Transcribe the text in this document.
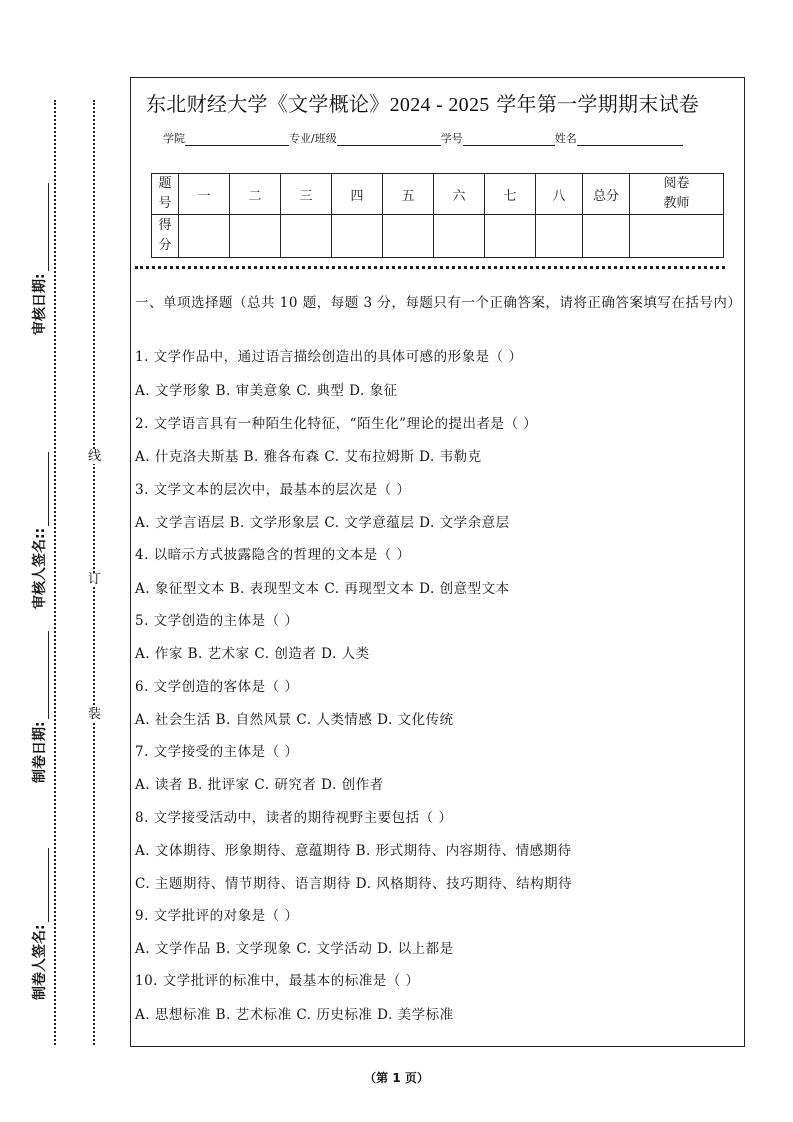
线
订
装
审核日期:
审核人签名::
制卷日期:
制卷人签名:
东北财经大学《文学概论》2024 - 2025 学年第一学期期末试卷
学院	专业/班级	学号	姓名
题号	一	二	三	四	五	六	七	八	总分	阅卷教师
得分										
一、单项选择题（总共 10 题，每题 3 分，每题只有一个正确答案，请将正确答案填写在括号内）
1. 文学作品中，通过语言描绘创造出的具体可感的形象是（ ）
A. 文学形象 B. 审美意象 C. 典型 D. 象征
2. 文学语言具有一种陌生化特征，“陌生化”理论的提出者是（ ）
A. 什克洛夫斯基 B. 雅各布森 C. 艾布拉姆斯 D. 韦勒克
3. 文学文本的层次中，最基本的层次是（ ）
A. 文学言语层 B. 文学形象层 C. 文学意蕴层 D. 文学余意层
4. 以暗示方式披露隐含的哲理的文本是（ ）
A. 象征型文本 B. 表现型文本 C. 再现型文本 D. 创意型文本
5. 文学创造的主体是（ ）
A. 作家 B. 艺术家 C. 创造者 D. 人类
6. 文学创造的客体是（ ）
A. 社会生活 B. 自然风景 C. 人类情感 D. 文化传统
7. 文学接受的主体是（ ）
A. 读者 B. 批评家 C. 研究者 D. 创作者
8. 文学接受活动中，读者的期待视野主要包括（ ）
A. 文体期待、形象期待、意蕴期待 B. 形式期待、内容期待、情感期待
C. 主题期待、情节期待、语言期待 D. 风格期待、技巧期待、结构期待
9. 文学批评的对象是（ ）
A. 文学作品 B. 文学现象 C. 文学活动 D. 以上都是
10. 文学批评的标准中，最基本的标准是（ ）
A. 思想标准 B. 艺术标准 C. 历史标准 D. 美学标准
（第 1 页）
